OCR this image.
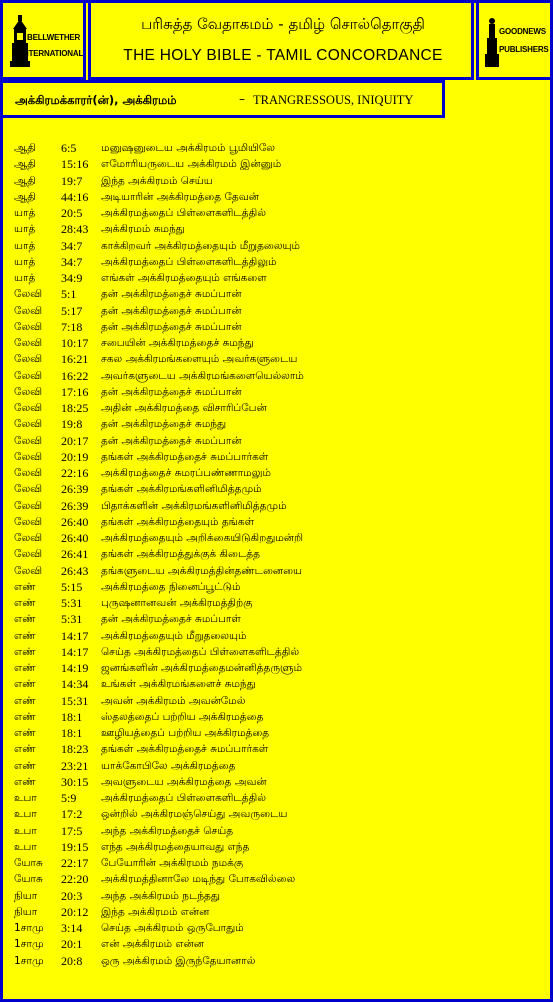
BELLWETHER
INTERNATIONAL
பரிசுத்த வேதாகமம் - தமிழ் சொல்தொகுதி
THE HOLY BIBLE - TAMIL CONCORDANCE
GOODNEWS
PUBLISHERS
அக்கிரமக்காரர்(ன்), அக்கிரமம்	– TRANGRESSOUS, INIQUITY
ஆதி 6:5 மனுஷனுடைய அக்கிரமம் பூமியிலே
ஆதி 15:16 எமோரியருடைய அக்கிரமம் இன்னும்
ஆதி 19:7 இந்த அக்கிரமம் செய்ய
ஆதி 44:16 அடியாரின் அக்கிரமத்தை தேவன்
யாத் 20:5 அக்கிரமத்தைப் பிள்ளைகளிடத்தில்
யாத் 28:43 அக்கிரமம் சுமந்து
யாத் 34:7 காக்கிறவர் அக்கிரமத்தையும் மீறுதலையும்
யாத் 34:7 அக்கிரமத்தைப் பிள்ளைகளிடத்திலும்
யாத் 34:9 எங்கள் அக்கிரமத்தையும் எங்களை
லேவி 5:1 தன் அக்கிரமத்தைச் சுமப்பான்
லேவி 5:17 தன் அக்கிரமத்தைச் சுமப்பான்
லேவி 7:18 தன் அக்கிரமத்தைச் சுமப்பான்
லேவி 10:17 சபையின் அக்கிரமத்தைச் சுமந்து
லேவி 16:21 சகல அக்கிரமங்களையும் அவர்களுடைய
லேவி 16:22 அவர்களுடைய அக்கிரமங்களையெல்லாம்
லேவி 17:16 தன் அக்கிரமத்தைச் சுமப்பான்
லேவி 18:25 அதின் அக்கிரமத்தை விசாரிப்பேன்
லேவி 19:8 தன் அக்கிரமத்தைச் சுமந்து
லேவி 20:17 தன் அக்கிரமத்தைச் சுமப்பான்
லேவி 20:19 தங்கள் அக்கிரமத்தைச் சுமப்பார்கள்
லேவி 22:16 அக்கிரமத்தைச் சுமரப்பண்ணாமலும்
லேவி 26:39 தங்கள் அக்கிரமங்களினிமித்தமும்
லேவி 26:39 பிதாக்களின் அக்கிரமங்களினிமித்தமும்
லேவி 26:40 தங்கள் அக்கிரமத்தையும் தங்கள்
லேவி 26:40 அக்கிரமத்தையும் அறிக்கையிடுகிறதுமன்றி
லேவி 26:41 தங்கள் அக்கிரமத்துக்குக் கிடைத்த
லேவி 26:43 தங்களுடைய அக்கிரமத்தின்தண்டனையை
எண் 5:15 அக்கிரமத்தை நினைப்பூட்டும்
எண் 5:31 புருஷனானவன் அக்கிரமத்திற்கு
எண் 5:31 தன் அக்கிரமத்தைச் சுமப்பாள்
எண் 14:17 அக்கிரமத்தையும் மீறுதலையும்
எண் 14:17 செய்த அக்கிரமத்தைப் பிள்ளைகளிடத்தில்
எண் 14:19 ஜனங்களின் அக்கிரமத்தைமன்னித்தருளும்
எண் 14:34 உங்கள் அக்கிரமங்களைச் சுமந்து
எண் 15:31 அவன் அக்கிரமம் அவன்மேல்
எண் 18:1 ஸ்தலத்தைப் பற்றிய அக்கிரமத்தை
எண் 18:1 ஊழியத்தைப் பற்றிய அக்கிரமத்தை
எண் 18:23 தங்கள் அக்கிரமத்தைச் சுமப்பார்கள்
எண் 23:21 யாக்கோபிலே அக்கிரமத்தை
எண் 30:15 அவளுடைய அக்கிரமத்தை அவன்
உபா 5:9 அக்கிரமத்தைப் பிள்ளைகளிடத்தில்
உபா 17:2 ஒன்றில் அக்கிரமஞ்செய்து அவருடைய
உபா 17:5 அந்த அக்கிரமத்தைச் செய்த
உபா 19:15 எந்த அக்கிரமத்தையாவது எந்த
யோசு 22:17 பேயோரின் அக்கிரமம் நமக்கு
யோசு 22:20 அக்கிரமத்தினாலே மடிந்து போகவில்லை
நியா 20:3 அந்த அக்கிரமம் நடந்தது
நியா 20:12 இந்த அக்கிரமம் என்ன
1சாமு 3:14 செய்த அக்கிரமம் ஒருபோதும்
1சாமு 20:1 என் அக்கிரமம் என்ன
1சாமு 20:8 ஒரு அக்கிரமம் இருந்தேயானால்
